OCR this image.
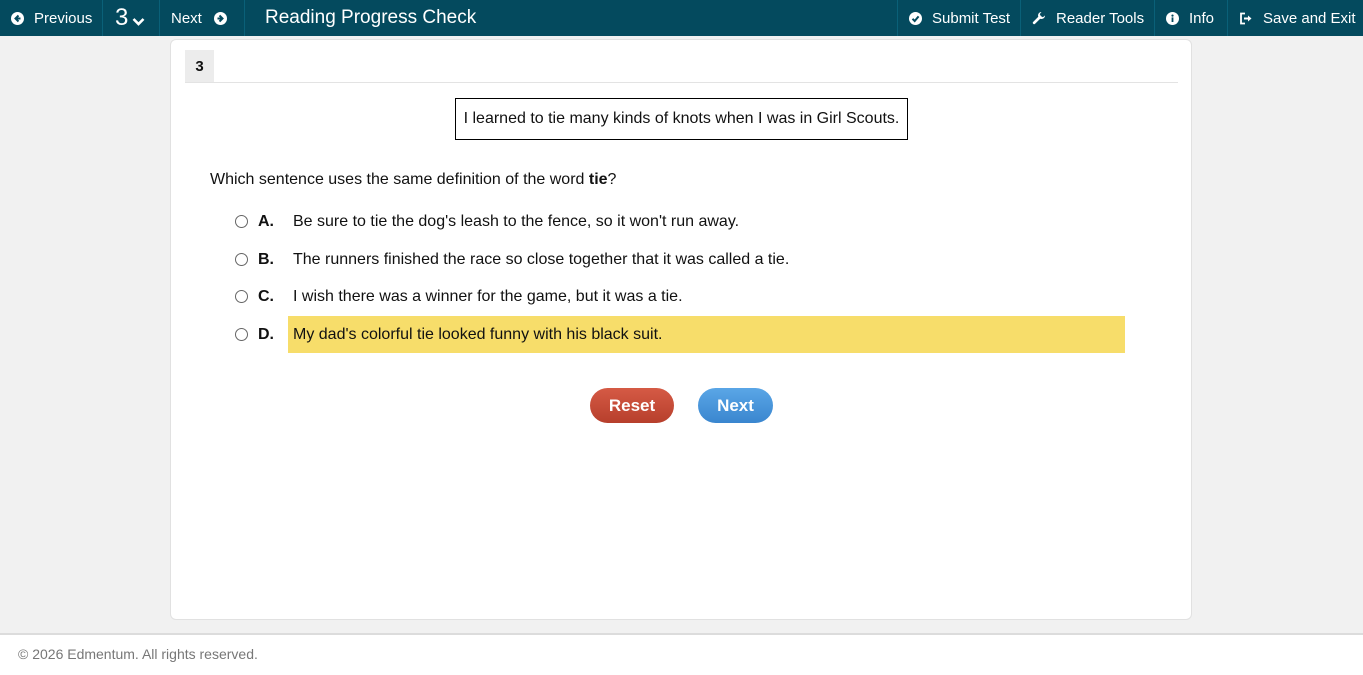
Previous 3	Next	Reading Progress Check	Submit Test	Reader Tools	Info	Save and Exit
3
I learned to tie many kinds of knots when I was in Girl Scouts.
Which sentence uses the same definition of the word tie?
A.	Be sure to tie the dog's leash to the fence, so it won't run away.
B.	The runners finished the race so close together that it was called a tie.
C.	I wish there was a winner for the game, but it was a tie.
D.	My dad's colorful tie looked funny with his black suit.
Reset	Next
© 2026 Edmentum. All rights reserved.
